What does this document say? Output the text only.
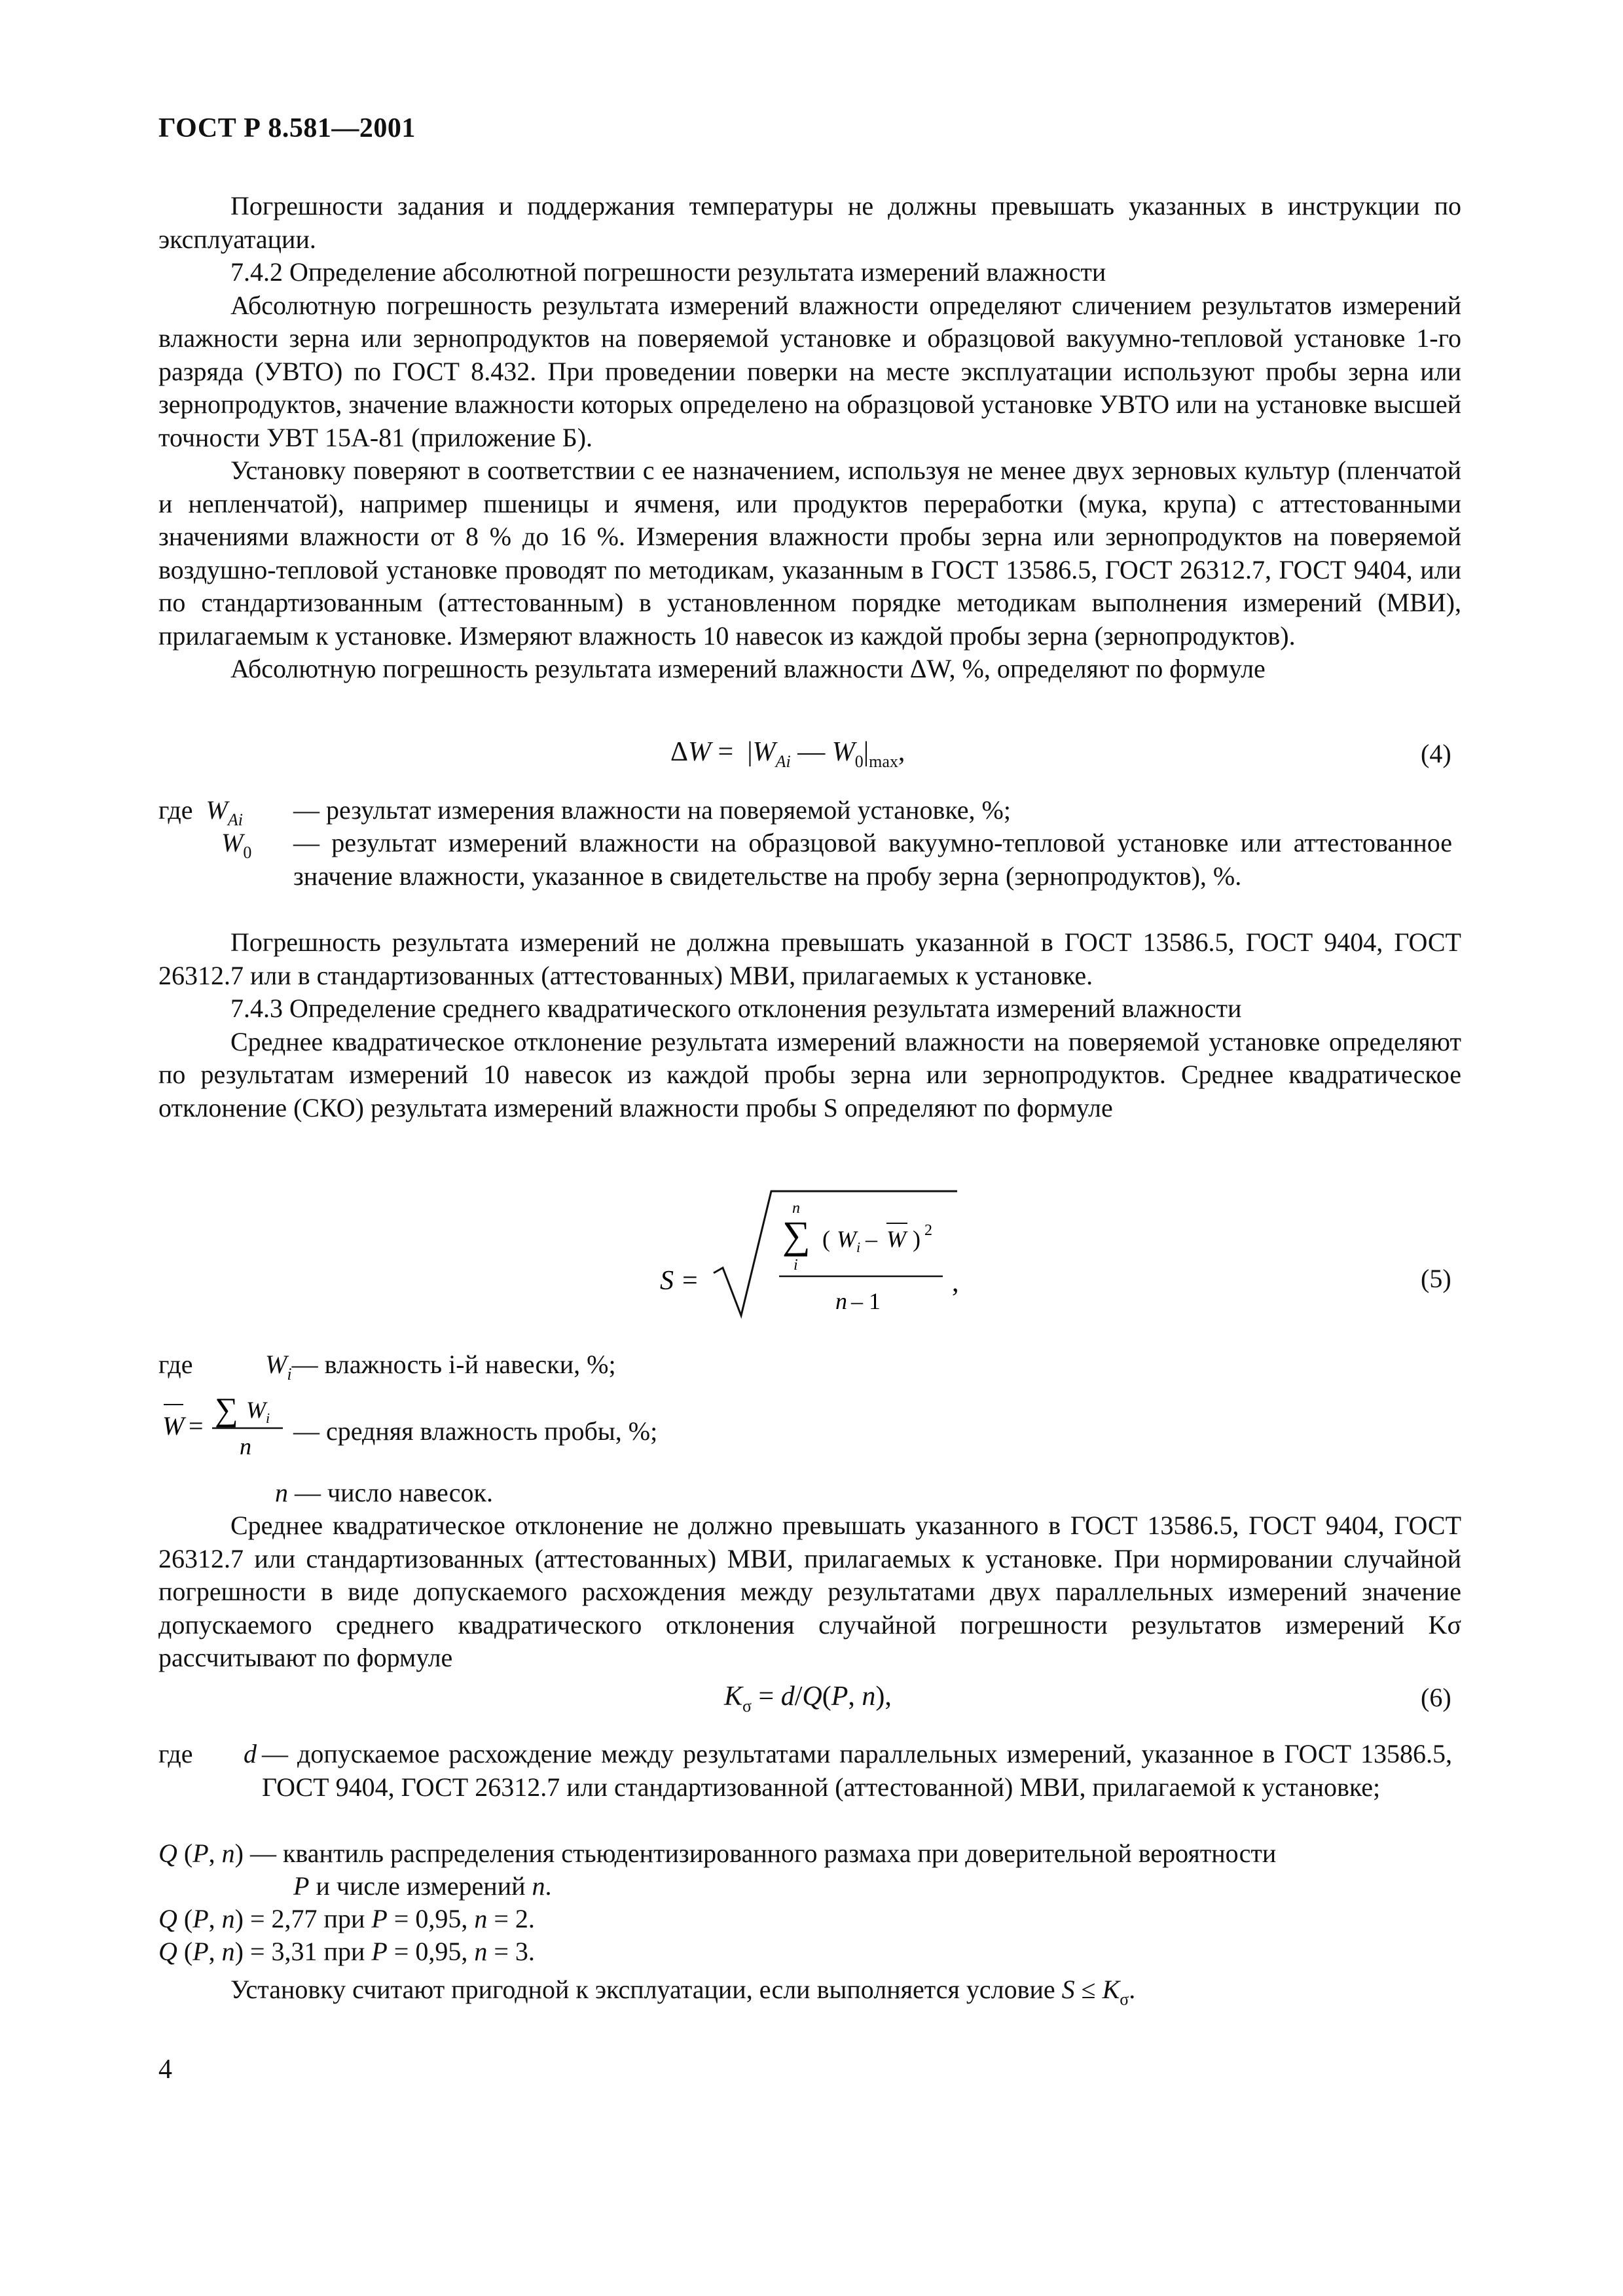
ГОСТ Р 8.581—2001

Погрешности задания и поддержания температуры не должны превышать указанных в инструкции по эксплуатации.

7.4.2 Определение абсолютной погрешности результата измерений влажности

Абсолютную погрешность результата измерений влажности определяют сличением результатов измерений влажности зерна или зернопродуктов на поверяемой установке и образцовой вакуумно-тепловой установке 1-го разряда (УВТО) по ГОСТ 8.432. При проведении поверки на месте эксплуатации используют пробы зерна или зернопродуктов, значение влажности которых определено на образцовой установке УВТО или на установке высшей точности УВТ 15А-81 (приложение Б).

Установку поверяют в соответствии с ее назначением, используя не менее двух зерновых культур (пленчатой и непленчатой), например пшеницы и ячменя, или продуктов переработки (мука, крупа) с аттестованными значениями влажности от 8 % до 16 %. Измерения влажности пробы зерна или зернопродуктов на поверяемой воздушно-тепловой установке проводят по методикам, указанным в ГОСТ 13586.5, ГОСТ 26312.7, ГОСТ 9404, или по стандартизованным (аттестованным) в установленном порядке методикам выполнения измерений (МВИ), прилагаемым к установке. Измеряют влажность 10 навесок из каждой пробы зерна (зернопродуктов).

Абсолютную погрешность результата измерений влажности ΔW, %, определяют по формуле

$\Delta W = |W_{Ai}$ — $W_0|_{max}$,	(4)
где $W_{Ai}$ — результат измерения влажности на поверяемой установке, %;
$W_0$ — результат измерений влажности на образцовой вакуумно-тепловой установке или аттестованное значение влажности, указанное в свидетельстве на пробу зерна (зернопродуктов), %.

Погрешность результата измерений не должна превышать указанной в ГОСТ 13586.5, ГОСТ 9404, ГОСТ 26312.7 или в стандартизованных (аттестованных) МВИ, прилагаемых к установке.

7.4.3 Определение среднего квадратического отклонения результата измерений влажности

Среднее квадратическое отклонение результата измерений влажности на поверяемой установке определяют по результатам измерений 10 навесок из каждой пробы зерна или зернопродуктов. Среднее квадратическое отклонение (СКО) результата измерений влажности пробы S определяют по формуле

S =
n
∑
i
( W i – W ) 2
n – 1
,	(5)
где	$W_i—$ влажность i-й навески, %;
W = ∑ W i
n
— средняя влажность пробы, %;
n — число навесок.

Среднее квадратическое отклонение не должно превышать указанного в ГОСТ 13586.5, ГОСТ 9404, ГОСТ 26312.7 или стандартизованных (аттестованных) МВИ, прилагаемых к установке. При нормировании случайной погрешности в виде допускаемого расхождения между результатами двух параллельных измерений значение допускаемого среднего квадратического отклонения случайной погрешности результатов измерений Kσ рассчитывают по формуле

$K_\sigma = d/Q(P$, n),	(6)
где d — допускаемое расхождение между результатами параллельных измерений, указанное в ГОСТ 13586.5, ГОСТ 9404, ГОСТ 26312.7 или стандартизованной (аттестованной) МВИ, прилагаемой к установке;
Q (P, n) — квантиль распределения стьюдентизированного размаха при доверительной вероятности
P и числе измерений n.
Q (P, n) = 2,77 при P = 0,95, n = 2.
Q (P, n) = 3,31 при P = 0,95, n = 3.
Установку считают пригодной к эксплуатации, если выполняется условие $S \le K_\sigma$.
4
